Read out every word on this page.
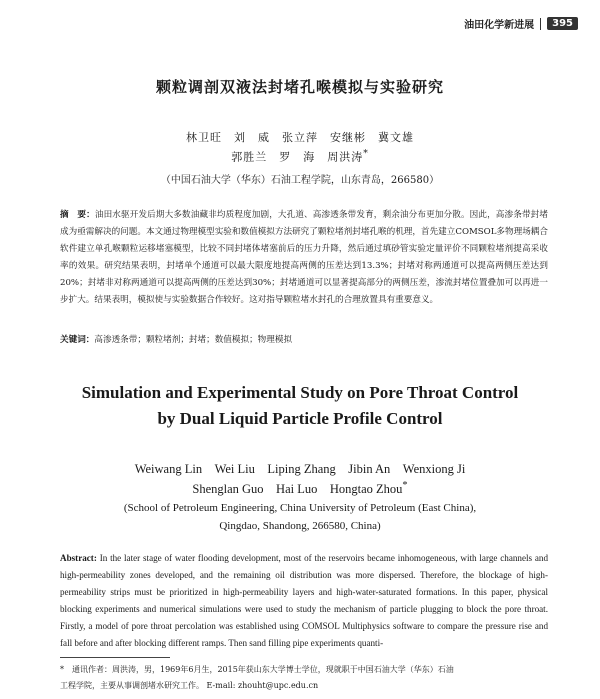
油田化学新进展	395
颗粒调剖双液法封堵孔喉模拟与实验研究
林卫旺　刘　威　张立萍　安继彬　冀文雄
郭胜兰　罗　海　周洪涛*
（中国石油大学（华东）石油工程学院，山东青岛，266580）
摘　要：油田水驱开发后期大多数油藏非均质程度加剧，大孔道、高渗透条带发育，剩余油分布更加分散。因此，高渗条带封堵成为亟需解决的问题。本文通过物理模型实验和数值模拟方法研究了颗粒堵剂封堵孔喉的机理，首先建立COMSOL多物理场耦合软件建立单孔喉颗粒运移堵塞模型，比较不同封堵体堵塞前后的压力升降，然后通过填砂管实验定量评价不同颗粒堵剂提高采收率的效果。研究结果表明，封堵单个通道可以最大限度地提高两侧的压差达到13.3%；封堵对称两通道可以提高两侧压差达到20%；封堵非对称两通道可以提高两侧的压差达到30%；封堵通道可以显著提高部分的两侧压差，渗流封堵位置叠加可以再进一步扩大。结果表明，模拟使与实验数据合作较好。这对指导颗粒堵水封孔的合理放置具有重要意义。
关键词：高渗透条带；颗粒堵剂；封堵；数值模拟；物理模拟
Simulation and Experimental Study on Pore Throat Control
by Dual Liquid Particle Profile Control
Weiwang Lin　Wei Liu　Liping Zhang　Jibin An　Wenxiong Ji
Shenglan Guo　Hai Luo　Hongtao Zhou*
(School of Petroleum Engineering, China University of Petroleum (East China),
Qingdao, Shandong, 266580, China)
Abstract: In the later stage of water flooding development, most of the reservoirs became inhomogeneous, with large channels and high-permeability zones developed, and the remaining oil distribution was more dispersed. Therefore, the blockage of high-permeability strips must be prioritized in high-permeability layers and high-water-saturated formations. In this paper, physical blocking experiments and numerical simulations were used to study the mechanism of particle plugging to block the pore throat. Firstly, a model of pore throat percolation was established using COMSOL Multiphysics software to compare the pressure rise and fall before and after blocking different ramps. Then sand filling pipe experiments quanti-
* 通讯作者：周洪涛，男，1969年6月生，2015年获山东大学博士学位，现就职于中国石油大学（华东）石油
工程学院，主要从事调剖堵水研究工作。 E-mail: zhouht@upc.edu.cn
